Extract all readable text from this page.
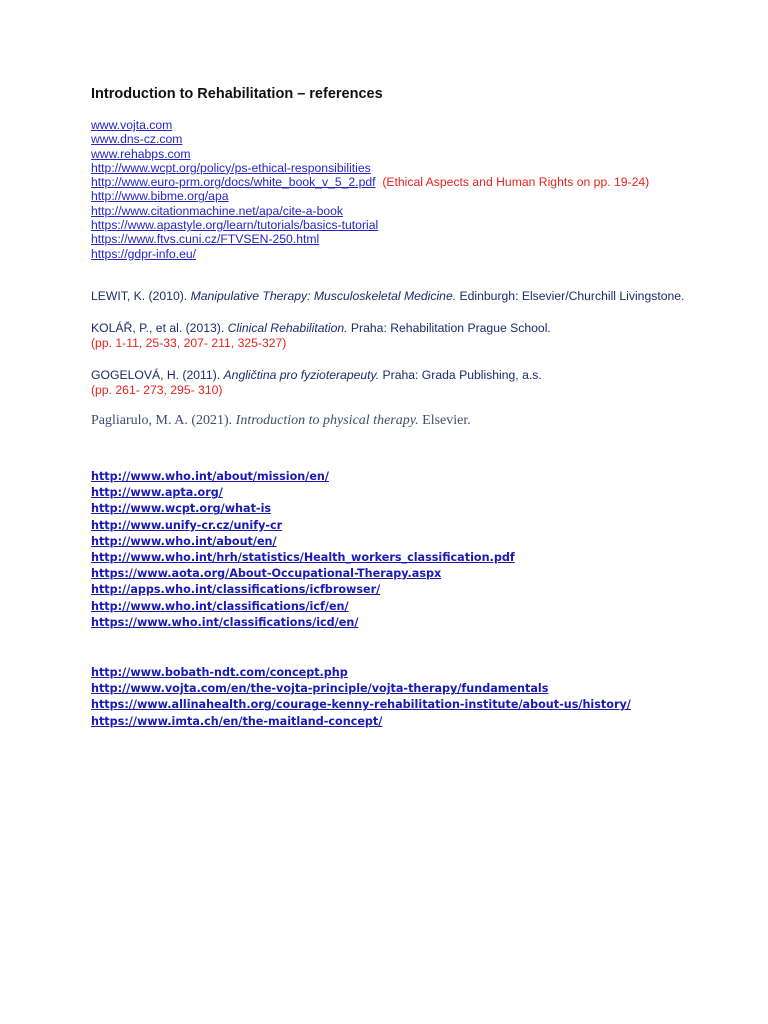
Introduction to Rehabilitation – references
www.vojta.com
www.dns-cz.com
www.rehabps.com
http://www.wcpt.org/policy/ps-ethical-responsibilities
http://www.euro-prm.org/docs/white_book_v_5_2.pdf (Ethical Aspects and Human Rights on pp. 19-24)
http://www.bibme.org/apa
http://www.citationmachine.net/apa/cite-a-book
https://www.apastyle.org/learn/tutorials/basics-tutorial
https://www.ftvs.cuni.cz/FTVSEN-250.html
https://gdpr-info.eu/
LEWIT, K. (2010). Manipulative Therapy: Musculoskeletal Medicine. Edinburgh: Elsevier/Churchill Livingstone.
KOLÁŘ, P., et al. (2013). Clinical Rehabilitation. Praha: Rehabilitation Prague School.
(pp. 1-11, 25-33, 207- 211, 325-327)
GOGELOVÁ, H. (2011). Angličtina pro fyzioterapeuty. Praha: Grada Publishing, a.s.
(pp. 261- 273, 295- 310)
Pagliarulo, M. A. (2021). Introduction to physical therapy. Elsevier.
http://www.who.int/about/mission/en/
http://www.apta.org/
http://www.wcpt.org/what-is
http://www.unify-cr.cz/unify-cr
http://www.who.int/about/en/
http://www.who.int/hrh/statistics/Health_workers_classification.pdf
https://www.aota.org/About-Occupational-Therapy.aspx
http://apps.who.int/classifications/icfbrowser/
http://www.who.int/classifications/icf/en/
https://www.who.int/classifications/icd/en/
http://www.bobath-ndt.com/concept.php
http://www.vojta.com/en/the-vojta-principle/vojta-therapy/fundamentals
https://www.allinahealth.org/courage-kenny-rehabilitation-institute/about-us/history/
https://www.imta.ch/en/the-maitland-concept/
